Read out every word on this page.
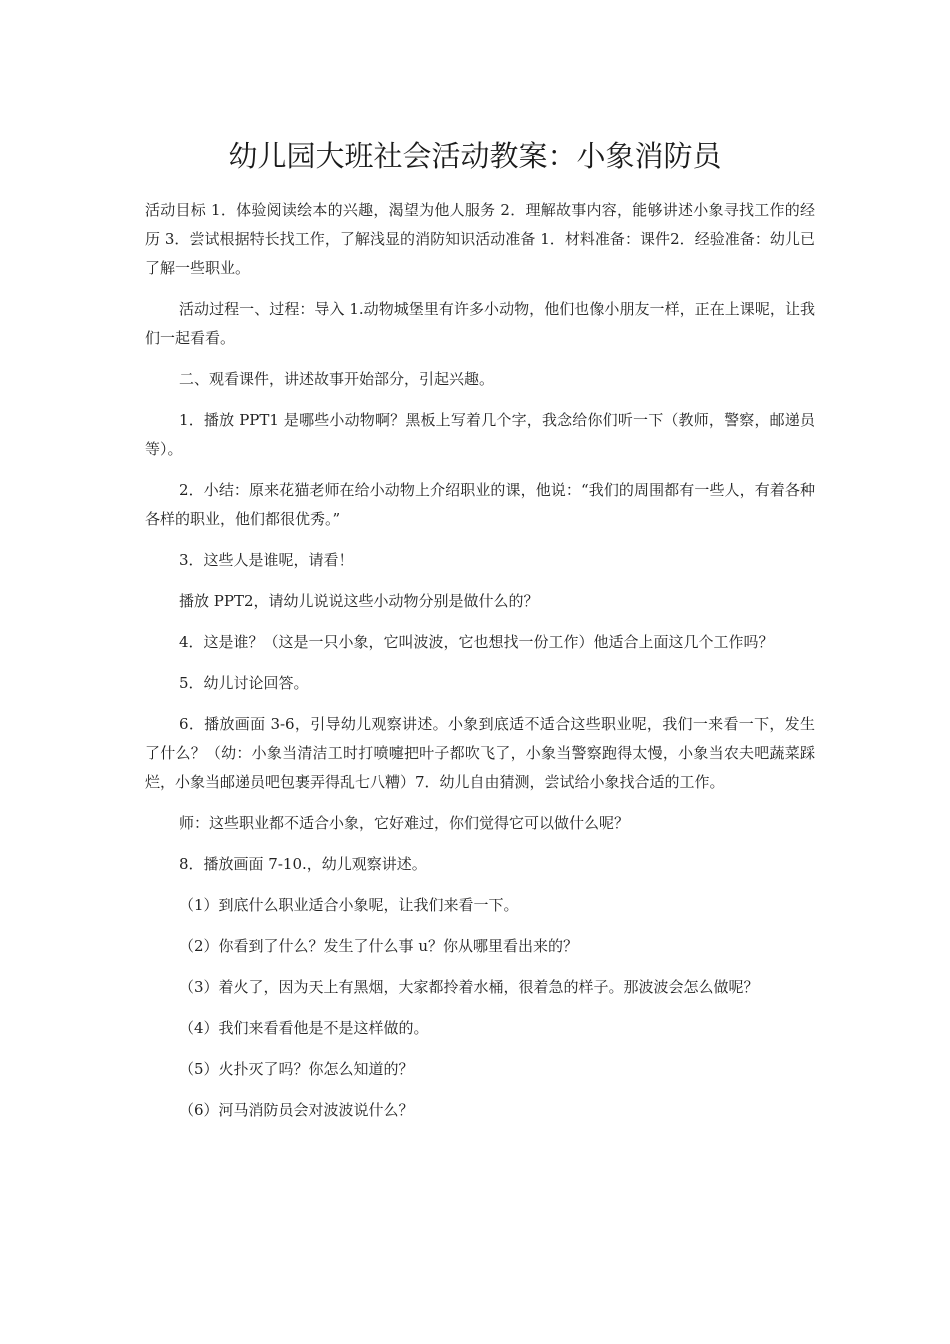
幼儿园大班社会活动教案：小象消防员

活动目标 1．体验阅读绘本的兴趣，渴望为他人服务 2．理解故事内容，能够讲述小象寻找工作的经历 3．尝试根据特长找工作，了解浅显的消防知识活动准备 1．材料准备：课件2．经验准备：幼儿已了解一些职业。

活动过程一、过程：导入 1.动物城堡里有许多小动物，他们也像小朋友一样，正在上课呢，让我们一起看看。

二、观看课件，讲述故事开始部分，引起兴趣。

1．播放 PPT1 是哪些小动物啊？黑板上写着几个字，我念给你们听一下（教师，警察，邮递员等）。

2．小结：原来花猫老师在给小动物上介绍职业的课，他说：“我们的周围都有一些人，有着各种各样的职业，他们都很优秀。”

3．这些人是谁呢，请看！

播放 PPT2，请幼儿说说这些小动物分别是做什么的？

4．这是谁？（这是一只小象，它叫波波，它也想找一份工作）他适合上面这几个工作吗？

5．幼儿讨论回答。

6．播放画面 3-6，引导幼儿观察讲述。小象到底适不适合这些职业呢，我们一来看一下，发生了什么？（幼：小象当清洁工时打喷嚏把叶子都吹飞了，小象当警察跑得太慢，小象当农夫吧蔬菜踩烂，小象当邮递员吧包裹弄得乱七八糟）7．幼儿自由猜测，尝试给小象找合适的工作。

师：这些职业都不适合小象，它好难过，你们觉得它可以做什么呢？

8．播放画面 7-10.，幼儿观察讲述。

（1）到底什么职业适合小象呢，让我们来看一下。

（2）你看到了什么？发生了什么事 u？你从哪里看出来的？

（3）着火了，因为天上有黑烟，大家都拎着水桶，很着急的样子。那波波会怎么做呢？

（4）我们来看看他是不是这样做的。

（5）火扑灭了吗？你怎么知道的？

（6）河马消防员会对波波说什么？
